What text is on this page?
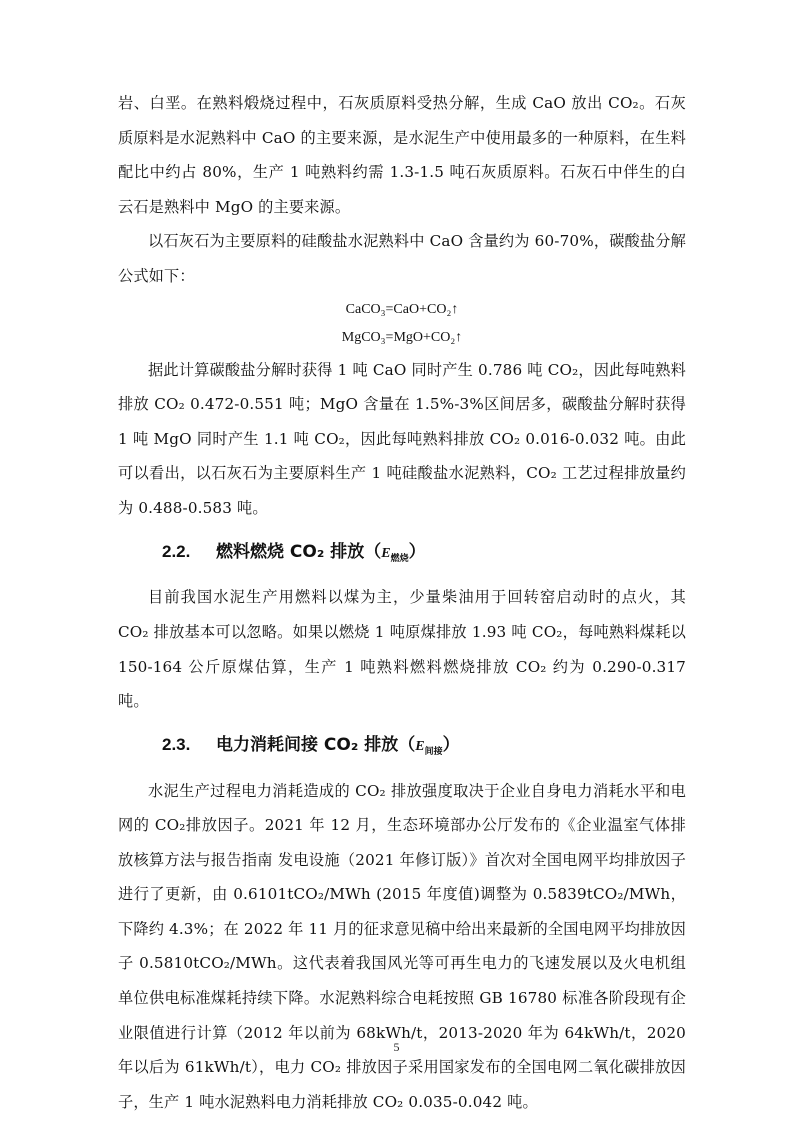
岩、白垩。在熟料煅烧过程中，石灰质原料受热分解，生成 CaO 放出 CO₂。石灰质原料是水泥熟料中 CaO 的主要来源，是水泥生产中使用最多的一种原料，在生料配比中约占 80%，生产 1 吨熟料约需 1.3-1.5 吨石灰质原料。石灰石中伴生的白云石是熟料中 MgO 的主要来源。

以石灰石为主要原料的硅酸盐水泥熟料中 CaO 含量约为 60-70%，碳酸盐分解公式如下：

CaCO₃=CaO+CO₂↑

MgCO₃=MgO+CO₂↑

据此计算碳酸盐分解时获得 1 吨 CaO 同时产生 0.786 吨 CO₂，因此每吨熟料排放 CO₂ 0.472-0.551 吨；MgO 含量在 1.5%-3%区间居多，碳酸盐分解时获得 1 吨 MgO 同时产生 1.1 吨 CO₂，因此每吨熟料排放 CO₂ 0.016-0.032 吨。由此可以看出，以石灰石为主要原料生产 1 吨硅酸盐水泥熟料，CO₂ 工艺过程排放量约为 0.488-0.583 吨。

2.2. 燃料燃烧 CO₂ 排放$(E_{燃烧})$

目前我国水泥生产用燃料以煤为主，少量柴油用于回转窑启动时的点火，其 CO₂ 排放基本可以忽略。如果以燃烧 1 吨原煤排放 1.93 吨 CO₂，每吨熟料煤耗以 150-164 公斤原煤估算，生产 1 吨熟料燃料燃烧排放 CO₂ 约为 0.290-0.317 吨。

2.3. 电力消耗间接 CO₂ 排放$(E_{间接})$

水泥生产过程电力消耗造成的 CO₂ 排放强度取决于企业自身电力消耗水平和电网的 CO₂排放因子。2021 年 12 月，生态环境部办公厅发布的《企业温室气体排放核算方法与报告指南 发电设施（2021 年修订版）》首次对全国电网平均排放因子进行了更新，由 0.6101tCO₂/MWh (2015 年度值)调整为 0.5839tCO₂/MWh，下降约 4.3%；在 2022 年 11 月的征求意见稿中给出来最新的全国电网平均排放因子 0.5810tCO₂/MWh。这代表着我国风光等可再生电力的飞速发展以及火电机组单位供电标准煤耗持续下降。水泥熟料综合电耗按照 GB 16780 标准各阶段现有企业限值进行计算（2012 年以前为 68kWh/t，2013-2020 年为 64kWh/t，2020 年以后为 61kWh/t），电力 CO₂ 排放因子采用国家发布的全国电网二氧化碳排放因子，生产 1 吨水泥熟料电力消耗排放 CO₂ 0.035-0.042 吨。

5
